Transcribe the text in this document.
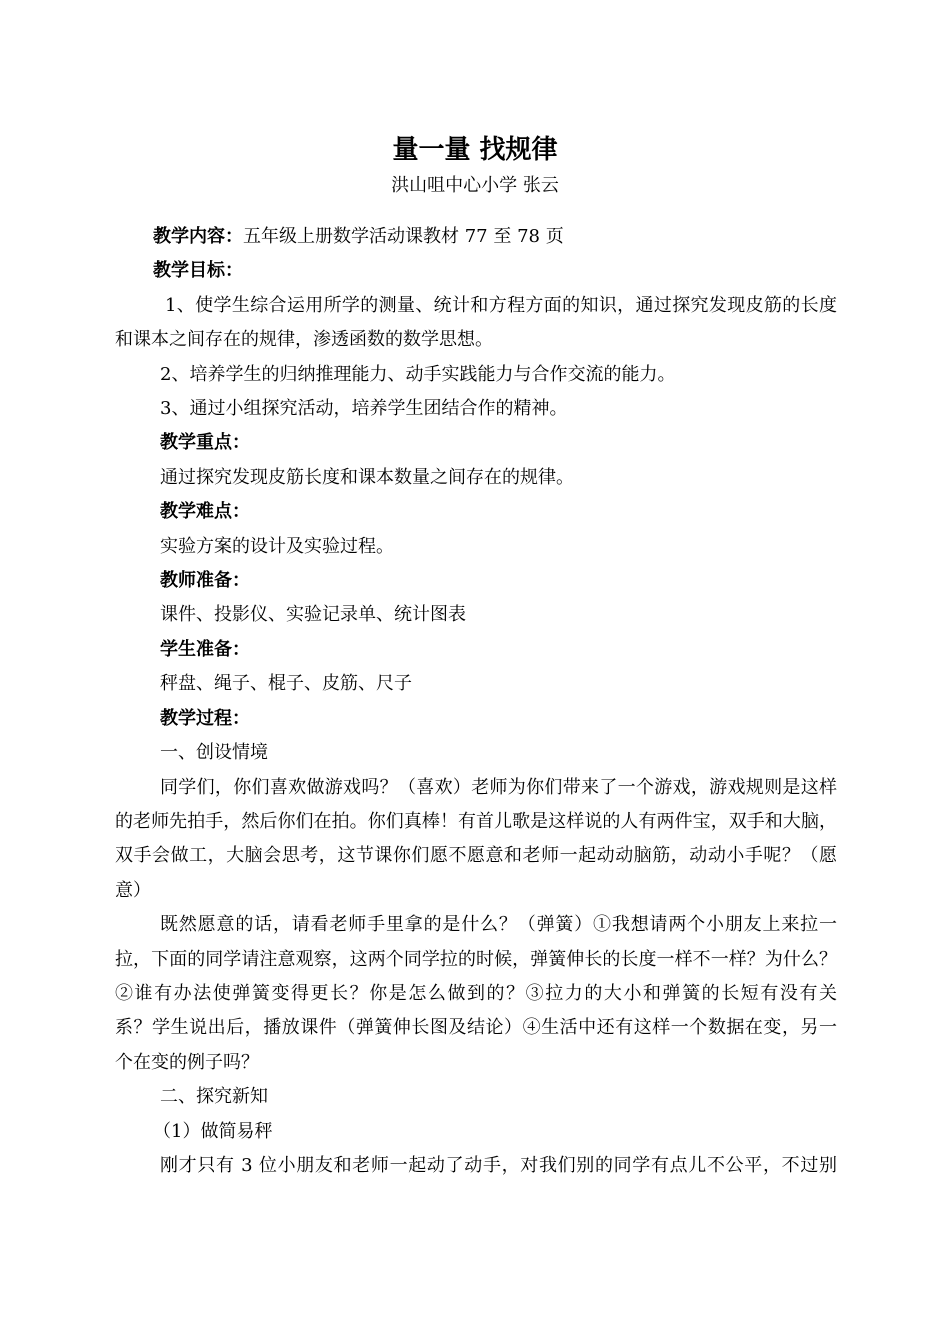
量一量 找规律
洪山咀中心小学 张云
教学内容：五年级上册数学活动课教材 77 至 78 页
教学目标：
1、使学生综合运用所学的测量、统计和方程方面的知识，通过探究发现皮筋的长度
和课本之间存在的规律，渗透函数的数学思想。
2、培养学生的归纳推理能力、动手实践能力与合作交流的能力。
3、通过小组探究活动，培养学生团结合作的精神。
教学重点：
通过探究发现皮筋长度和课本数量之间存在的规律。
教学难点：
实验方案的设计及实验过程。
教师准备：
课件、投影仪、实验记录单、统计图表
学生准备：
秤盘、绳子、棍子、皮筋、尺子
教学过程：
一、创设情境
同学们，你们喜欢做游戏吗？（喜欢）老师为你们带来了一个游戏，游戏规则是这样
的老师先拍手，然后你们在拍。你们真棒！有首儿歌是这样说的人有两件宝，双手和大脑，
双手会做工，大脑会思考，这节课你们愿不愿意和老师一起动动脑筋，动动小手呢？（愿
意）
既然愿意的话，请看老师手里拿的是什么？（弹簧）①我想请两个小朋友上来拉一
拉，下面的同学请注意观察，这两个同学拉的时候，弹簧伸长的长度一样不一样？为什么？
②谁有办法使弹簧变得更长？你是怎么做到的？③拉力的大小和弹簧的长短有没有关
系？学生说出后，播放课件（弹簧伸长图及结论）④生活中还有这样一个数据在变，另一
个在变的例子吗？
二、探究新知
（1）做简易秤
刚才只有 3 位小朋友和老师一起动了动手，对我们别的同学有点儿不公平，不过别
